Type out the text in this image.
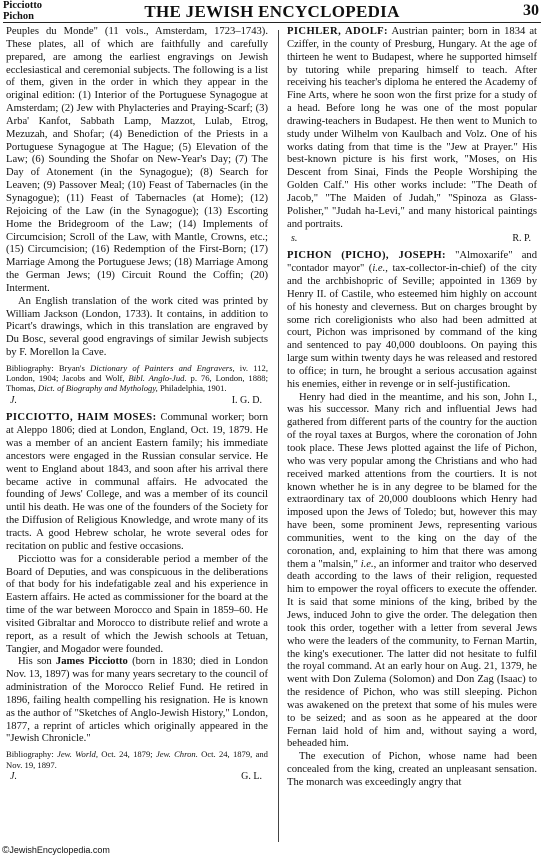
Picciotto
Pichon	THE JEWISH ENCYCLOPEDIA	30

Peuples du Monde" (11 vols., Amsterdam, 1723–1743). These plates, all of which are faithfully and carefully prepared, are among the earliest engravings on Jewish ecclesiastical and ceremonial subjects. The following is a list of them, given in the order in which they appear in the original edition: (1) Interior of the Portuguese Synagogue at Amsterdam; (2) Jew with Phylacteries and Praying-Scarf; (3) Arba' Kanfot, Sabbath Lamp, Mazzot, Lulab, Etrog, Mezuzah, and Shofar; (4) Benediction of the Priests in a Portuguese Synagogue at The Hague; (5) Elevation of the Law; (6) Sounding the Shofar on New-Year's Day; (7) The Day of Atonement (in the Synagogue); (8) Search for Leaven; (9) Passover Meal; (10) Feast of Tabernacles (in the Synagogue); (11) Feast of Tabernacles (at Home); (12) Rejoicing of the Law (in the Synagogue); (13) Escorting Home the Bridegroom of the Law; (14) Implements of Circumcision; Scroll of the Law, with Mantle, Crowns, etc.; (15) Circumcision; (16) Redemption of the First-Born; (17) Marriage Among the Portuguese Jews; (18) Marriage Among the German Jews; (19) Circuit Round the Coffin; (20) Interment.

An English translation of the work cited was printed by William Jackson (London, 1733). It contains, in addition to Picart's drawings, which in this translation are engraved by Du Bosc, several good engravings of similar Jewish subjects by F. Morellon la Cave.

Bibliography: Bryan's Dictionary of Painters and Engravers, iv. 112, London, 1904; Jacobs and Wolf, Bibl. Anglo-Jud. p. 76, London, 1888; Thomas, Dict. of Biography and Mythology, Philadelphia, 1901.

J.	I. G. D.

PICCIOTTO, HAIM MOSES: Communal worker; born at Aleppo 1806; died at London, England, Oct. 19, 1879. He was a member of an ancient Eastern family; his immediate ancestors were engaged in the Russian consular service. He went to England about 1843, and soon after his arrival there became active in communal affairs. He advocated the founding of Jews' College, and was a member of its council until his death. He was one of the founders of the Society for the Diffusion of Religious Knowledge, and wrote many of its tracts. A good Hebrew scholar, he wrote several odes for recitation on public and festive occasions.

Picciotto was for a considerable period a member of the Board of Deputies, and was conspicuous in the deliberations of that body for his indefatigable zeal and his experience in Eastern affairs. He acted as commissioner for the board at the time of the war between Morocco and Spain in 1859–60. He visited Gibraltar and Morocco to distribute relief and wrote a report, as a result of which the Jewish schools at Tetuan, Tangier, and Mogador were founded.

His son James Picciotto (born in 1830; died in London Nov. 13, 1897) was for many years secretary to the council of administration of the Morocco Relief Fund. He retired in 1896, failing health compelling his resignation. He is known as the author of "Sketches of Anglo-Jewish History," London, 1877, a reprint of articles which originally appeared in the "Jewish Chronicle."

Bibliography: Jew. World, Oct. 24, 1879; Jew. Chron. Oct. 24, 1879, and Nov. 19, 1897.

J.	G. L.

PICHLER, ADOLF: Austrian painter; born in 1834 at Cziffer, in the county of Presburg, Hungary. At the age of thirteen he went to Budapest, where he supported himself by tutoring while preparing himself to teach. After receiving his teacher's diploma he entered the Academy of Fine Arts, where he soon won the first prize for a study of a head. Before long he was one of the most popular drawing-teachers in Budapest. He then went to Munich to study under Wilhelm von Kaulbach and Volz. One of his works dating from that time is the "Jew at Prayer." His best-known picture is his first work, "Moses, on His Descent from Sinai, Finds the People Worshiping the Golden Calf." His other works include: "The Death of Jacob," "The Maiden of Judah," "Spinoza as Glass-Polisher," "Judah ha-Levi," and many historical paintings and portraits.

s.	R. P.

PICHON (PICHO), JOSEPH: "Almoxarife" and "contador mayor" (i.e., tax-collector-in-chief) of the city and the archbishopric of Seville; appointed in 1369 by Henry II. of Castile, who esteemed him highly on account of his honesty and cleverness. But on charges brought by some rich coreligionists who also had been admitted at court, Pichon was imprisoned by command of the king and sentenced to pay 40,000 doubloons. On paying this large sum within twenty days he was released and restored to office; in turn, he brought a serious accusation against his enemies, either in revenge or in self-justification.

Henry had died in the meantime, and his son, John I., was his successor. Many rich and influential Jews had gathered from different parts of the country for the auction of the royal taxes at Burgos, where the coronation of John took place. These Jews plotted against the life of Pichon, who was very popular among the Christians and who had received marked attentions from the courtiers. It is not known whether he is in any degree to be blamed for the extraordinary tax of 20,000 doubloons which Henry had imposed upon the Jews of Toledo; but, however this may have been, some prominent Jews, representing various communities, went to the king on the day of the coronation, and, explaining to him that there was among them a "malsin," i.e., an informer and traitor who deserved death according to the laws of their religion, requested him to empower the royal officers to execute the offender. It is said that some minions of the king, bribed by the Jews, induced John to give the order. The delegation then took this order, together with a letter from several Jews who were the leaders of the community, to Fernan Martin, the king's executioner. The latter did not hesitate to fulfil the royal command. At an early hour on Aug. 21, 1379, he went with Don Zulema (Solomon) and Don Zag (Isaac) to the residence of Pichon, who was still sleeping. Pichon was awakened on the pretext that some of his mules were to be seized; and as soon as he appeared at the door Fernan laid hold of him and, without saying a word, beheaded him.

The execution of Pichon, whose name had been concealed from the king, created an unpleasant sensation. The monarch was exceedingly angry that

©JewishEncyclopedia.com
